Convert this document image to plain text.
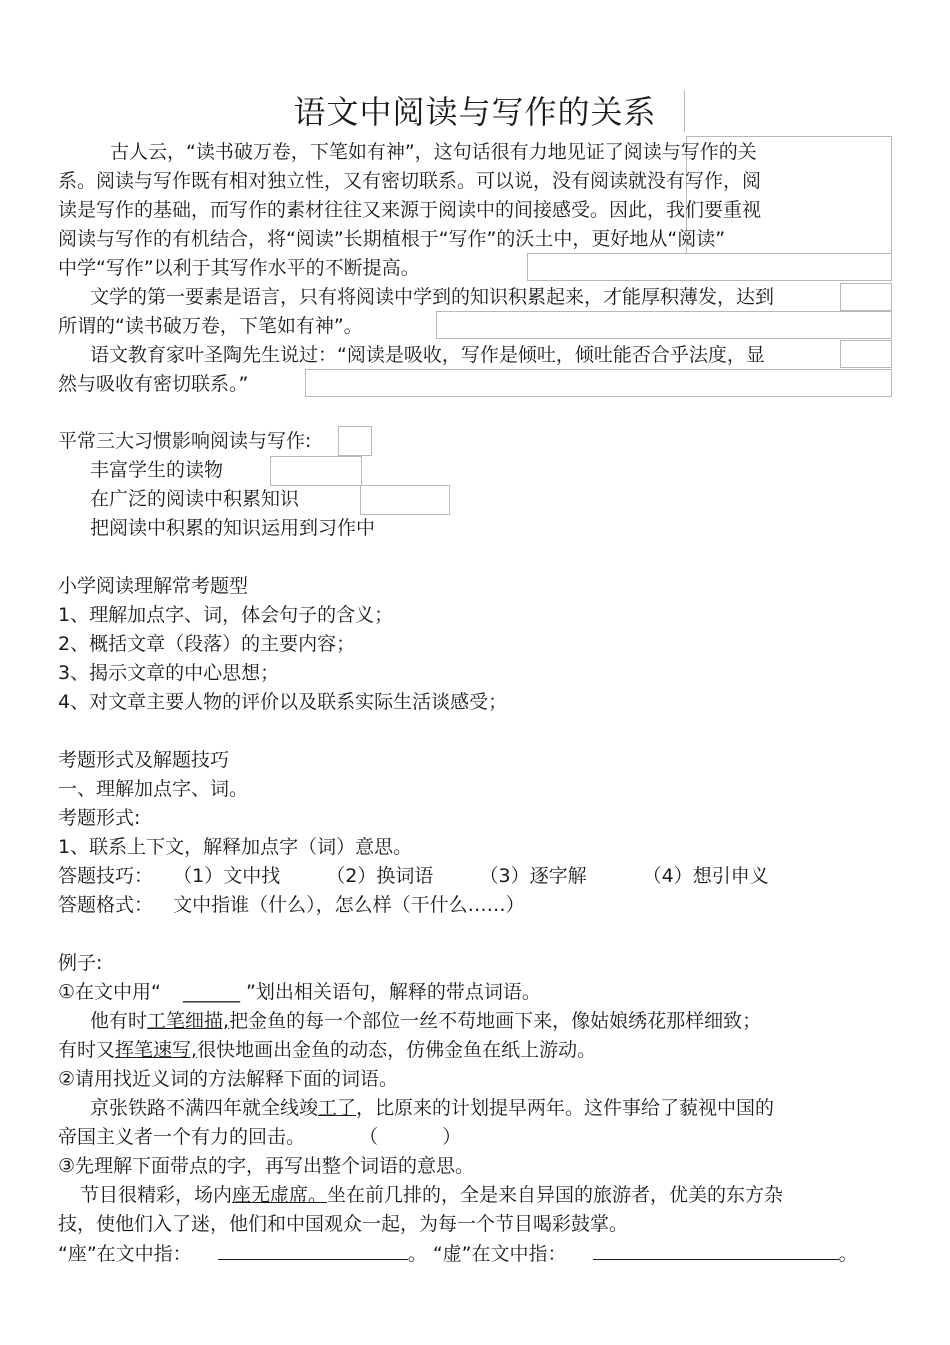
语文中阅读与写作的关系
古人云，“读书破万卷，下笔如有神”，这句话很有力地见证了阅读与写作的关
系。阅读与写作既有相对独立性，又有密切联系。可以说，没有阅读就没有写作，阅
读是写作的基础，而写作的素材往往又来源于阅读中的间接感受。因此，我们要重视
阅读与写作的有机结合，将“阅读”长期植根于“写作”的沃土中，更好地从“阅读”
中学“写作”以利于其写作水平的不断提高。
文学的第一要素是语言，只有将阅读中学到的知识积累起来，才能厚积薄发，达到
所谓的“读书破万卷，下笔如有神”。
语文教育家叶圣陶先生说过：“阅读是吸收，写作是倾吐，倾吐能否合乎法度，显
然与吸收有密切联系。”
平常三大习惯影响阅读与写作:
丰富学生的读物
在广泛的阅读中积累知识
把阅读中积累的知识运用到习作中
小学阅读理解常考题型
1、理解加点字、词，体会句子的含义；
2、概括文章（段落）的主要内容；
3、揭示文章的中心思想；
4、对文章主要人物的评价以及联系实际生活谈感受；
考题形式及解题技巧
一、理解加点字、词。
考题形式:
1、联系上下文，解释加点字（词）意思。
答题技巧： （1）文中找 （2）换词语 （3）逐字解	（4）想引申义
答题格式： 文中指谁（什么），怎么样（干什么……）
例子:
①在文中用“ ______ ”划出相关语句，解释的带点词语。
他有时工笔细描,把金鱼的每一个部位一丝不苟地画下来，像姑娘绣花那样细致；
有时又挥笔速写,很快地画出金鱼的动态，仿佛金鱼在纸上游动。
②请用找近义词的方法解释下面的词语。
京张铁路不满四年就全线竣工了，比原来的计划提早两年。这件事给了藐视中国的
帝国主义者一个有力的回击。	（	）
③先理解下面带点的字，再写出整个词语的意思。
节目很精彩，场内座无虚席。坐在前几排的，全是来自异国的旅游者，优美的东方杂
技，使他们入了迷，他们和中国观众一起，为每一个节目喝彩鼓掌。
“座”在文中指：	。 “虚”在文中指：	。
